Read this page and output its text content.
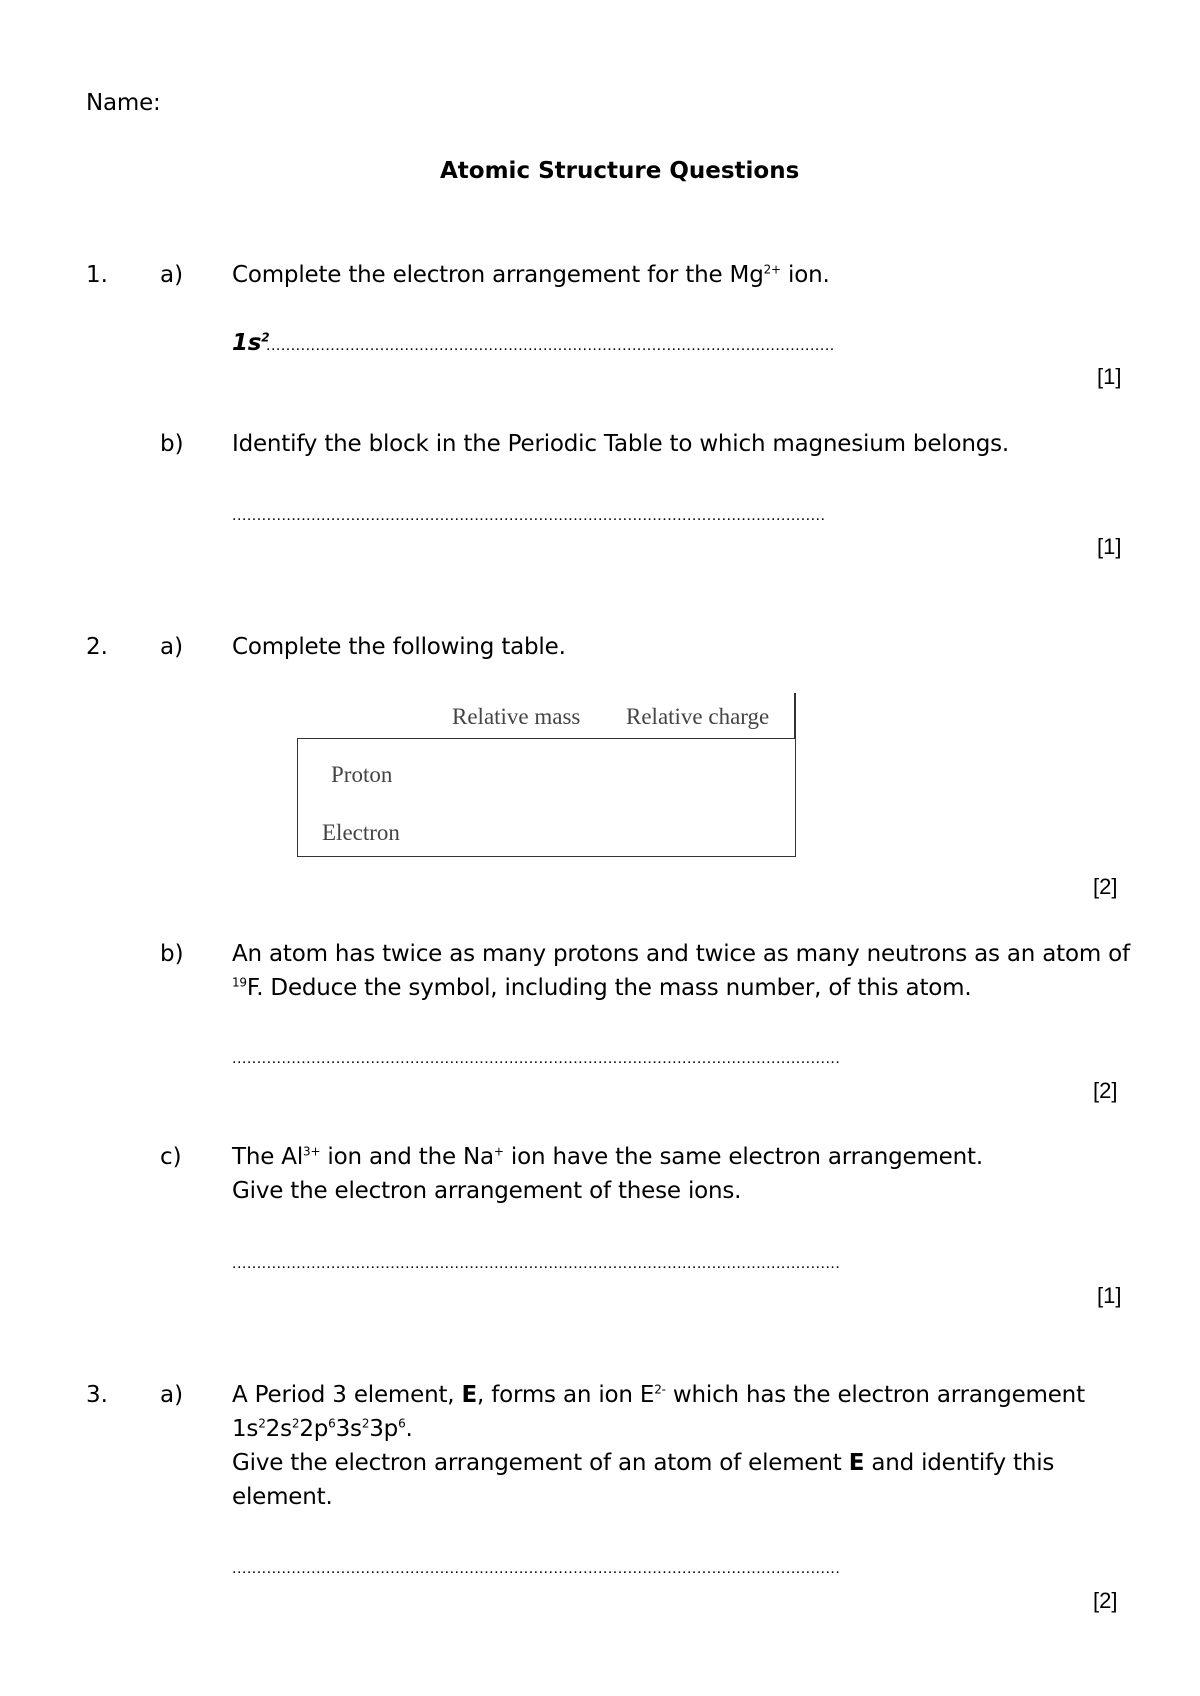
Name:
Atomic Structure Questions
1. a) Complete the electron arrangement for the $Mg^{2+}$ ion.
$1s^2$
...................................................................................................................
[1]
b) Identify the block in the Periodic Table to which magnesium belongs.
........................................................................................................................
[1]
2. a) Complete the following table.
Relative mass Relative charge
Proton
Electron
[2]
b) An atom has twice as many protons and twice as many neutrons as an atom of
$^{19}$F. Deduce the symbol, including the mass number, of this atom.
...........................................................................................................................
[2]
c) The $Al^{3+}$ ion and the Na+ ion have the same electron arrangement.
Give the electron arrangement of these ions.
...........................................................................................................................
[1]
3. a) A Period 3 element, E, forms an ion $E^{2-}$ which has the electron arrangement
$1s^22s^22p^63s^23p^6$.
Give the electron arrangement of an atom of element E and identify this
element.
...........................................................................................................................
[2]
